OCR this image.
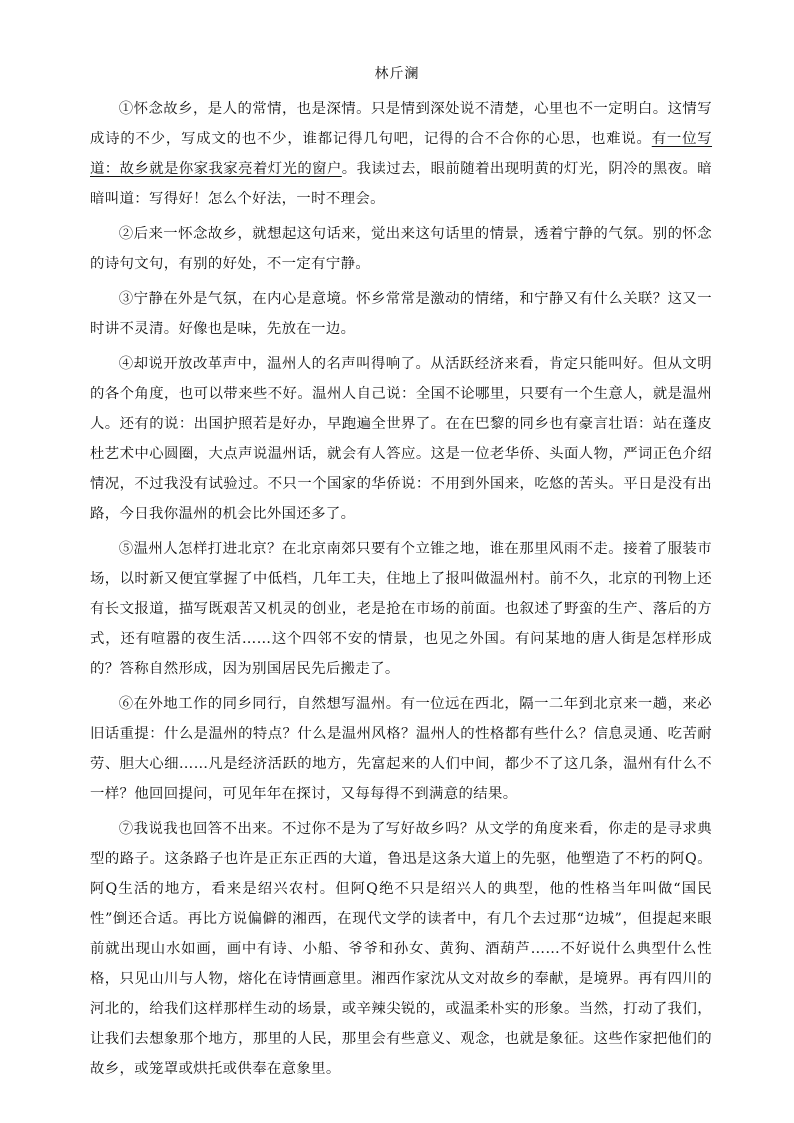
林斤澜

①怀念故乡，是人的常情，也是深情。只是情到深处说不清楚，心里也不一定明白。这情写成诗的不少，写成文的也不少，谁都记得几句吧，记得的合不合你的心思，也难说。有一位写道：故乡就是你家我家亮着灯光的窗户。我读过去，眼前随着出现明黄的灯光，阴冷的黑夜。暗暗叫道：写得好！怎么个好法，一时不理会。

②后来一怀念故乡，就想起这句话来，觉出来这句话里的情景，透着宁静的气氛。别的怀念的诗句文句，有别的好处，不一定有宁静。

③宁静在外是气氛，在内心是意境。怀乡常常是激动的情绪，和宁静又有什么关联？这又一时讲不灵清。好像也是味，先放在一边。

④却说开放改革声中，温州人的名声叫得响了。从活跃经济来看，肯定只能叫好。但从文明的各个角度，也可以带来些不好。温州人自己说：全国不论哪里，只要有一个生意人，就是温州人。还有的说：出国护照若是好办，早跑遍全世界了。在在巴黎的同乡也有豪言壮语：站在蓬皮杜艺术中心圆圈，大点声说温州话，就会有人答应。这是一位老华侨、头面人物，严词正色介绍情况，不过我没有试验过。不只一个国家的华侨说：不用到外国来，吃悠的苦头。平日是没有出路，今日我你温州的机会比外国还多了。

⑤温州人怎样打进北京？在北京南郊只要有个立锥之地，谁在那里风雨不走。接着了服装市场，以时新又便宜掌握了中低档，几年工夫，住地上了报叫做温州村。前不久，北京的刊物上还有长文报道，描写既艰苦又机灵的创业，老是抢在市场的前面。也叙述了野蛮的生产、落后的方式，还有喧嚣的夜生活……这个四邻不安的情景，也见之外国。有问某地的唐人街是怎样形成的？答称自然形成，因为别国居民先后搬走了。

⑥在外地工作的同乡同行，自然想写温州。有一位远在西北，隔一二年到北京来一趟，来必旧话重提：什么是温州的特点？什么是温州风格？温州人的性格都有些什么？信息灵通、吃苦耐劳、胆大心细……凡是经济活跃的地方，先富起来的人们中间，都少不了这几条，温州有什么不一样？他回回提问，可见年年在探讨，又每每得不到满意的结果。

⑦我说我也回答不出来。不过你不是为了写好故乡吗？从文学的角度来看，你走的是寻求典型的路子。这条路子也许是正东正西的大道，鲁迅是这条大道上的先驱，他塑造了不朽的阿Q。阿Q生活的地方，看来是绍兴农村。但阿Q绝不只是绍兴人的典型，他的性格当年叫做“国民性”倒还合适。再比方说偏僻的湘西，在现代文学的读者中，有几个去过那“边城”，但提起来眼前就出现山水如画，画中有诗、小船、爷爷和孙女、黄狗、酒葫芦……不好说什么典型什么性格，只见山川与人物，熔化在诗情画意里。湘西作家沈从文对故乡的奉献，是境界。再有四川的河北的，给我们这样那样生动的场景，或辛辣尖锐的，或温柔朴实的形象。当然，打动了我们，让我们去想象那个地方，那里的人民，那里会有些意义、观念，也就是象征。这些作家把他们的故乡，或笼罩或烘托或供奉在意象里。
